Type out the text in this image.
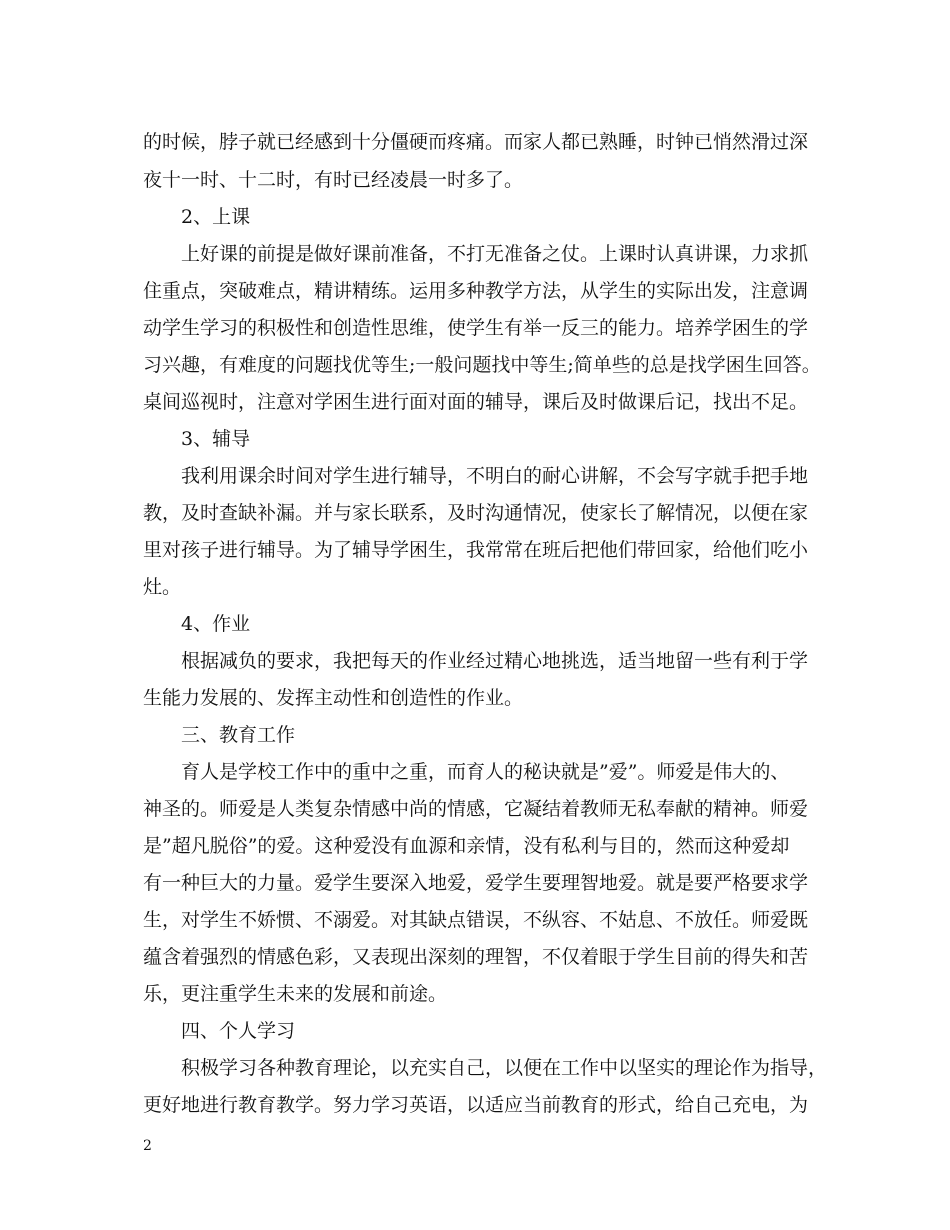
的时候，脖子就已经感到十分僵硬而疼痛。而家人都已熟睡，时钟已悄然滑过深
夜十一时、十二时，有时已经凌晨一时多了。
2、上课
上好课的前提是做好课前准备，不打无准备之仗。上课时认真讲课，力求抓
住重点，突破难点，精讲精练。运用多种教学方法，从学生的实际出发，注意调
动学生学习的积极性和创造性思维，使学生有举一反三的能力。培养学困生的学
习兴趣，有难度的问题找优等生;一般问题找中等生;简单些的总是找学困生回答。
桌间巡视时，注意对学困生进行面对面的辅导，课后及时做课后记，找出不足。
3、辅导
我利用课余时间对学生进行辅导，不明白的耐心讲解，不会写字就手把手地
教，及时查缺补漏。并与家长联系，及时沟通情况，使家长了解情况，以便在家
里对孩子进行辅导。为了辅导学困生，我常常在班后把他们带回家，给他们吃小
灶。
4、作业
根据减负的要求，我把每天的作业经过精心地挑选，适当地留一些有利于学
生能力发展的、发挥主动性和创造性的作业。
三、教育工作
育人是学校工作中的重中之重，而育人的秘诀就是”爱”。师爱是伟大的、
神圣的。师爱是人类复杂情感中尚的情感，它凝结着教师无私奉献的精神。师爱
是”超凡脱俗”的爱。这种爱没有血源和亲情，没有私利与目的，然而这种爱却
有一种巨大的力量。爱学生要深入地爱，爱学生要理智地爱。就是要严格要求学
生，对学生不娇惯、不溺爱。对其缺点错误，不纵容、不姑息、不放任。师爱既
蕴含着强烈的情感色彩，又表现出深刻的理智，不仅着眼于学生目前的得失和苦
乐，更注重学生未来的发展和前途。
四、个人学习
积极学习各种教育理论，以充实自己，以便在工作中以坚实的理论作为指导，
更好地进行教育教学。努力学习英语，以适应当前教育的形式，给自己充电，为
2
